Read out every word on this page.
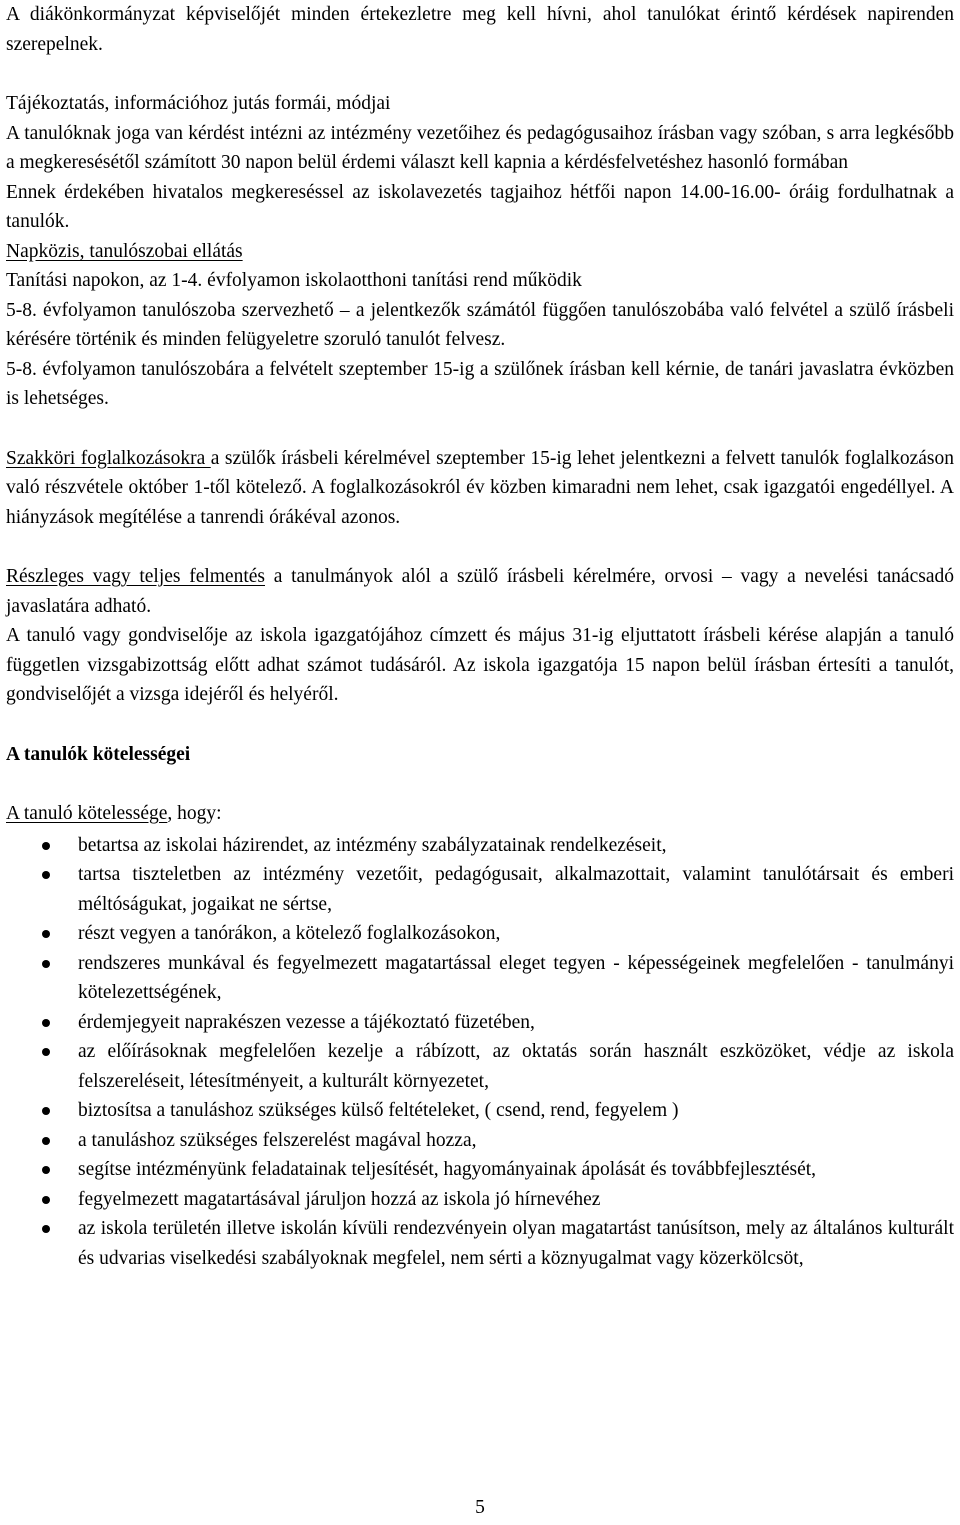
A diákönkormányzat képviselőjét minden értekezletre meg kell hívni, ahol tanulókat érintő kérdések napirenden szerepelnek.

Tájékoztatás, információhoz jutás formái, módjai

A tanulóknak joga van kérdést intézni az intézmény vezetőihez és pedagógusaihoz írásban vagy szóban, s arra legkésőbb a megkeresésétől számított 30 napon belül érdemi választ kell kapnia a kérdésfelvetéshez hasonló formában

Ennek érdekében hivatalos megkereséssel az iskolavezetés tagjaihoz hétfői napon 14.00-16.00- óráig fordulhatnak a tanulók.

Napközis, tanulószobai ellátás

Tanítási napokon, az 1-4. évfolyamon iskolaotthoni tanítási rend működik

5-8. évfolyamon tanulószoba szervezhető – a jelentkezők számától függően tanulószobába való felvétel a szülő írásbeli kérésére történik és minden felügyeletre szoruló tanulót felvesz.

5-8. évfolyamon tanulószobára a felvételt szeptember 15-ig a szülőnek írásban kell kérnie, de tanári javaslatra évközben is lehetséges.

Szakköri foglalkozásokra a szülők írásbeli kérelmével szeptember 15-ig lehet jelentkezni a felvett tanulók foglalkozáson való részvétele október 1-től kötelező. A foglalkozásokról év közben kimaradni nem lehet, csak igazgatói engedéllyel. A hiányzások megítélése a tanrendi órákéval azonos.

Részleges vagy teljes felmentés a tanulmányok alól a szülő írásbeli kérelmére, orvosi – vagy a nevelési tanácsadó javaslatára adható.

A tanuló vagy gondviselője az iskola igazgatójához címzett és május 31-ig eljuttatott írásbeli kérése alapján a tanuló független vizsgabizottság előtt adhat számot tudásáról. Az iskola igazgatója 15 napon belül írásban értesíti a tanulót, gondviselőjét a vizsga idejéről és helyéről.

A tanulók kötelességei

A tanuló kötelessége, hogy:

betartsa az iskolai házirendet, az intézmény szabályzatainak rendelkezéseit,
tartsa tiszteletben az intézmény vezetőit, pedagógusait, alkalmazottait, valamint tanulótársait és emberi méltóságukat, jogaikat ne sértse,
részt vegyen a tanórákon, a kötelező foglalkozásokon,
rendszeres munkával és fegyelmezett magatartással eleget tegyen - képességeinek megfelelően - tanulmányi kötelezettségének,
érdemjegyeit naprakészen vezesse a tájékoztató füzetében,
az előírásoknak megfelelően kezelje a rábízott, az oktatás során használt eszközöket, védje az iskola felszereléseit, létesítményeit, a kulturált környezetet,
biztosítsa a tanuláshoz szükséges külső feltételeket, ( csend, rend, fegyelem )
a tanuláshoz szükséges felszerelést magával hozza,
segítse intézményünk feladatainak teljesítését, hagyományainak ápolását és továbbfejlesztését,
fegyelmezett magatartásával járuljon hozzá az iskola jó hírnevéhez
az iskola területén illetve iskolán kívüli rendezvényein olyan magatartást tanúsítson, mely az általános kulturált és udvarias viselkedési szabályoknak megfelel, nem sérti a köznyugalmat vagy közerkölcsöt,
5
